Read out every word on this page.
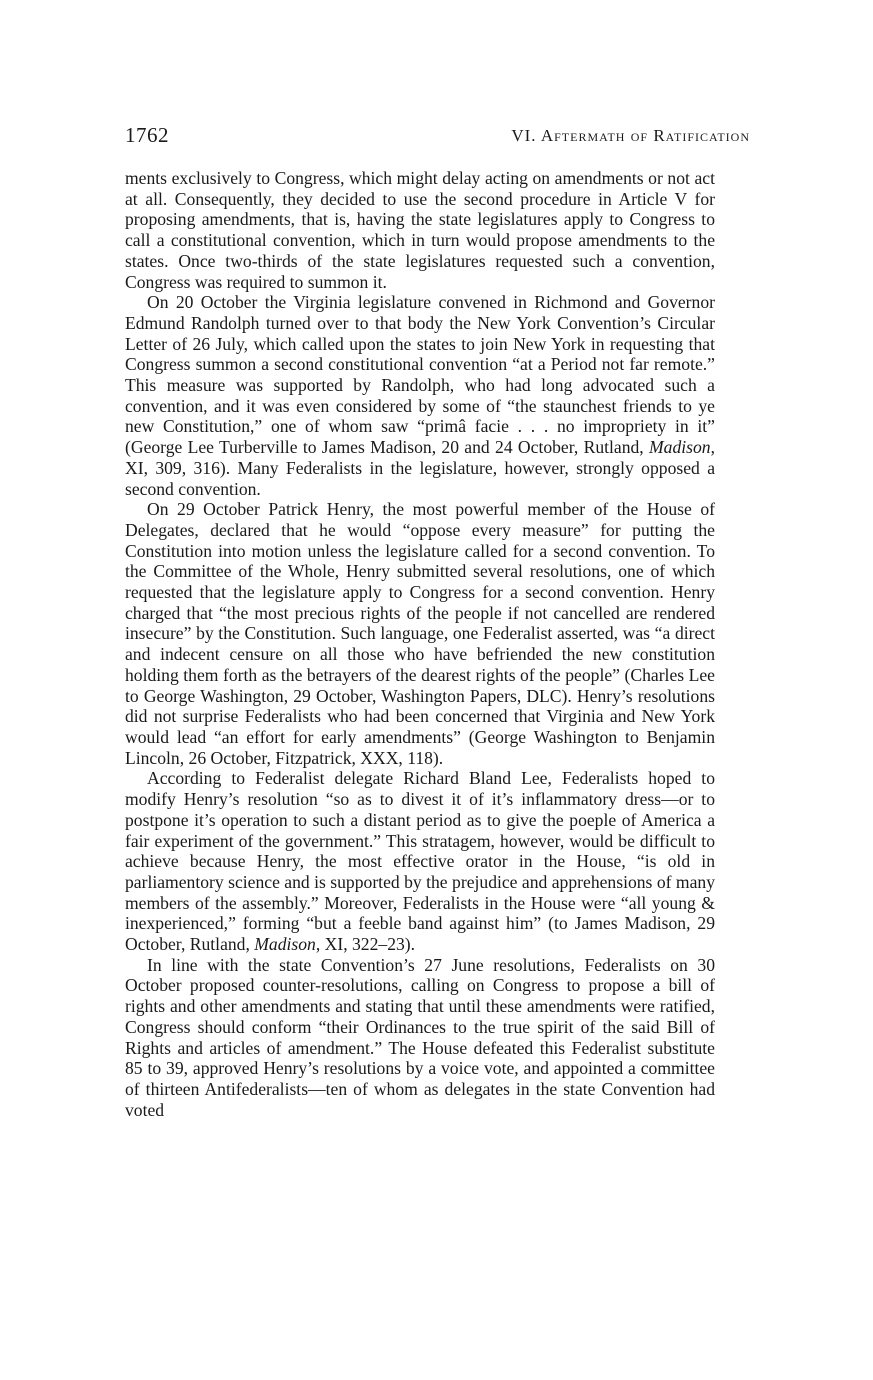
1762	VI. Aftermath of Ratification

ments exclusively to Congress, which might delay acting on amendments or not act at all. Consequently, they decided to use the second procedure in Article V for proposing amendments, that is, having the state legislatures apply to Congress to call a constitutional convention, which in turn would propose amendments to the states. Once two-thirds of the state legislatures requested such a convention, Congress was required to summon it.

On 20 October the Virginia legislature convened in Richmond and Governor Edmund Randolph turned over to that body the New York Convention’s Circular Letter of 26 July, which called upon the states to join New York in requesting that Congress summon a second constitutional convention “at a Period not far remote.” This measure was supported by Randolph, who had long advocated such a convention, and it was even considered by some of “the staunchest friends to ye new Constitution,” one of whom saw “primâ facie . . . no impropriety in it” (George Lee Turberville to James Madison, 20 and 24 October, Rutland, Madison, XI, 309, 316). Many Federalists in the legislature, however, strongly opposed a second convention.

On 29 October Patrick Henry, the most powerful member of the House of Delegates, declared that he would “oppose every measure” for putting the Constitution into motion unless the legislature called for a second convention. To the Committee of the Whole, Henry submitted several resolutions, one of which requested that the legislature apply to Congress for a second convention. Henry charged that “the most precious rights of the people if not cancelled are rendered insecure” by the Constitution. Such language, one Federalist asserted, was “a direct and indecent censure on all those who have befriended the new constitution holding them forth as the betrayers of the dearest rights of the people” (Charles Lee to George Washington, 29 October, Washington Papers, DLC). Henry’s resolutions did not surprise Federalists who had been concerned that Virginia and New York would lead “an effort for early amendments” (George Washington to Benjamin Lincoln, 26 October, Fitzpatrick, XXX, 118).

According to Federalist delegate Richard Bland Lee, Federalists hoped to modify Henry’s resolution “so as to divest it of it’s inflammatory dress—or to postpone it’s operation to such a distant period as to give the poeple of America a fair experiment of the government.” This stratagem, however, would be difficult to achieve because Henry, the most effective orator in the House, “is old in parliamentory science and is supported by the prejudice and apprehensions of many members of the assembly.” Moreover, Federalists in the House were “all young & inexperienced,” forming “but a feeble band against him” (to James Madison, 29 October, Rutland, Madison, XI, 322–23).

In line with the state Convention’s 27 June resolutions, Federalists on 30 October proposed counter-resolutions, calling on Congress to propose a bill of rights and other amendments and stating that until these amendments were ratified, Congress should conform “their Ordinances to the true spirit of the said Bill of Rights and articles of amendment.” The House defeated this Federalist substitute 85 to 39, approved Henry’s resolutions by a voice vote, and appointed a committee of thirteen Antifederalists—ten of whom as delegates in the state Convention had voted
